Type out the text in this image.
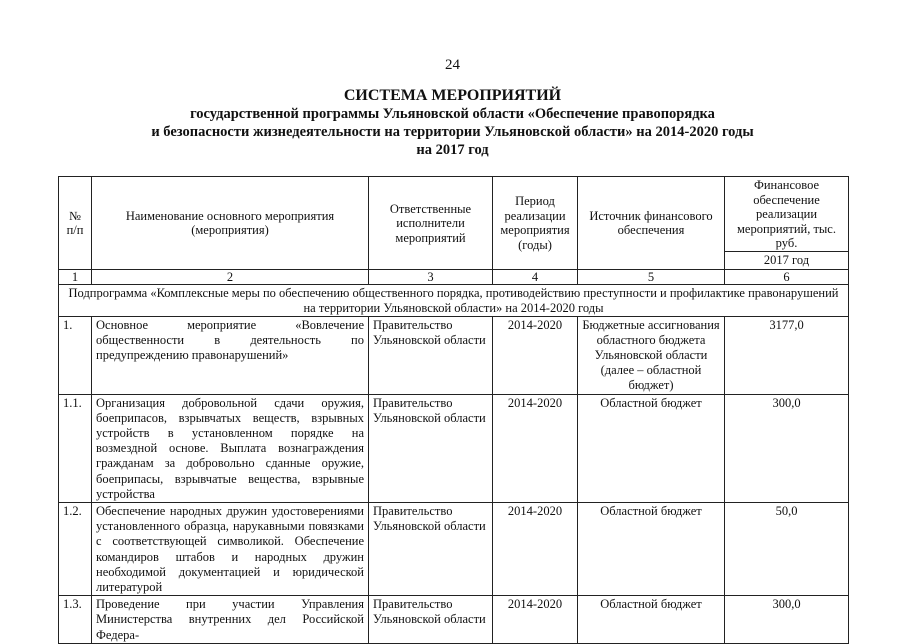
24
СИСТЕМА МЕРОПРИЯТИЙ
государственной программы Ульяновской области «Обеспечение правопорядка
и безопасности жизнедеятельности на территории Ульяновской области» на 2014-2020 годы
на 2017 год
№ п/п	Наименование основного мероприятия (мероприятия)	Ответственные исполнители мероприятий	Период реализации мероприятия (годы)	Источник финансового обеспечения	Финансовое обеспечение реализации мероприятий, тыс. руб.
					2017 год
1	2	3	4	5	6
Подпрограмма «Комплексные меры по обеспечению общественного порядка, противодействию преступности и профилактике правонарушений на территории Ульяновской области» на 2014-2020 годы					
1.	Основное мероприятие «Вовлечение общественности в деятельность по предупреждению правонарушений»	Правительство Ульяновской области	2014-2020	Бюджетные ассигнования областного бюджета Ульяновской области (далее – областной бюджет)	3177,0
1.1.	Организация добровольной сдачи оружия, боеприпасов, взрывчатых веществ, взрывных устройств в установленном порядке на возмездной основе. Выплата вознаграждения гражданам за добровольно сданные оружие, боеприпасы, взрывчатые вещества, взрывные устройства	Правительство Ульяновской области	2014-2020	Областной бюджет	300,0
1.2.	Обеспечение народных дружин удостоверениями установленного образца, нарукавными повязками с соответствующей символикой. Обеспечение командиров штабов и народных дружин необходимой документацией и юридической литературой	Правительство Ульяновской области	2014-2020	Областной бюджет	50,0
1.3.	Проведение при участии Управления Министерства внутренних дел Российской Федера-	Правительство Ульяновской области	2014-2020	Областной бюджет	300,0
